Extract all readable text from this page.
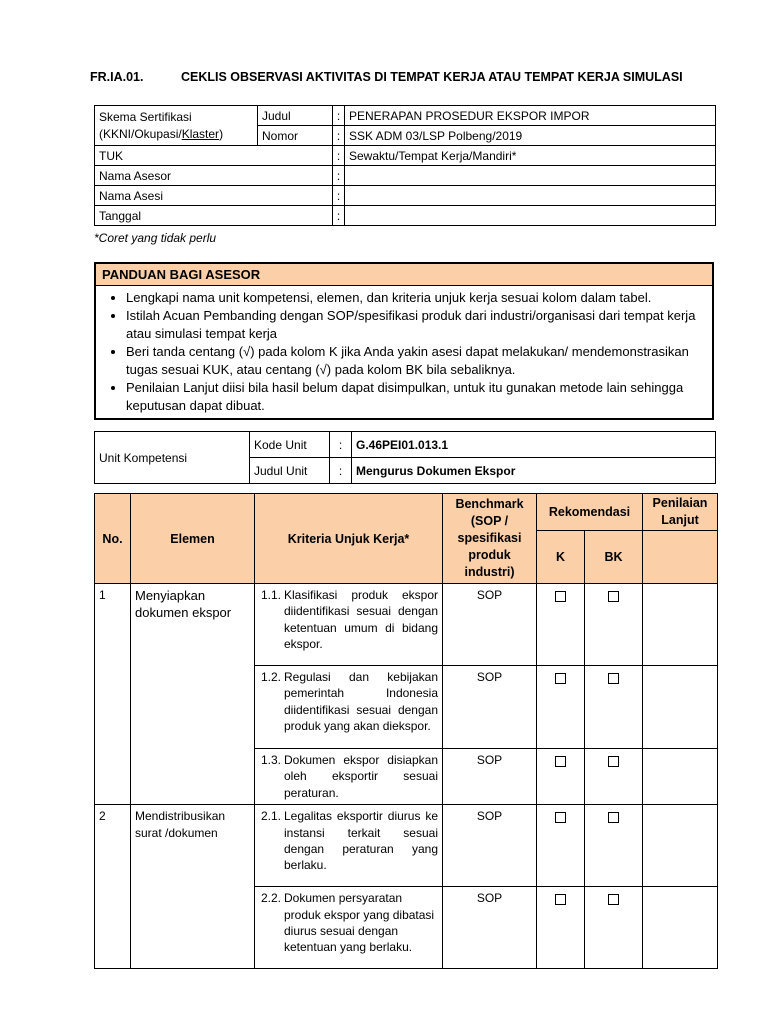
FR.IA.01.	CEKLIS OBSERVASI AKTIVITAS DI TEMPAT KERJA ATAU TEMPAT KERJA SIMULASI
Skema Sertifikasi
(KKNI/Okupasi/Klaster)	Judul	:	PENERAPAN PROSEDUR EKSPOR IMPOR
	Nomor	:	SSK ADM 03/LSP Polbeng/2019
TUK		:	Sewaktu/Tempat Kerja/Mandiri*
Nama Asesor		:	
Nama Asesi		:	
Tanggal		:	
*Coret yang tidak perlu
PANDUAN BAGI ASESOR
• Lengkapi nama unit kompetensi, elemen, dan kriteria unjuk kerja sesuai kolom dalam tabel.
• Istilah Acuan Pembanding dengan SOP/spesifikasi produk dari industri/organisasi dari tempat kerja atau simulasi tempat kerja
• Beri tanda centang (√) pada kolom K jika Anda yakin asesi dapat melakukan/ mendemonstrasikan tugas sesuai KUK, atau centang (√) pada kolom BK bila sebaliknya.
• Penilaian Lanjut diisi bila hasil belum dapat disimpulkan, untuk itu gunakan metode lain sehingga keputusan dapat dibuat.
Unit Kompetensi	Kode Unit	:	G.46PEI01.013.1
	Judul Unit	:	Mengurus Dokumen Ekspor
No.	Elemen	Kriteria Unjuk Kerja*	Benchmark (SOP / spesifikasi produk industri)	Rekomendasi		Penilaian Lanjut
				K	BK	
1	Menyiapkan dokumen ekspor	1.1. Klasifikasi produk ekspor diidentifikasi sesuai dengan ketentuan umum di bidang ekspor.	SOP			

		1.2. Regulasi dan kebijakan pemerintah Indonesia diidentifikasi sesuai dengan produk yang akan diekspor.	SOP			

		1.3. Dokumen ekspor disiapkan oleh eksportir sesuai peraturan.	SOP			
2	Mendistribusikan surat /dokumen	2.1. Legalitas eksportir diurus ke instansi terkait sesuai dengan peraturan yang berlaku.	SOP			

		2.2. Dokumen persyaratan produk ekspor yang dibatasi diurus sesuai dengan ketentuan yang berlaku.	SOP			
